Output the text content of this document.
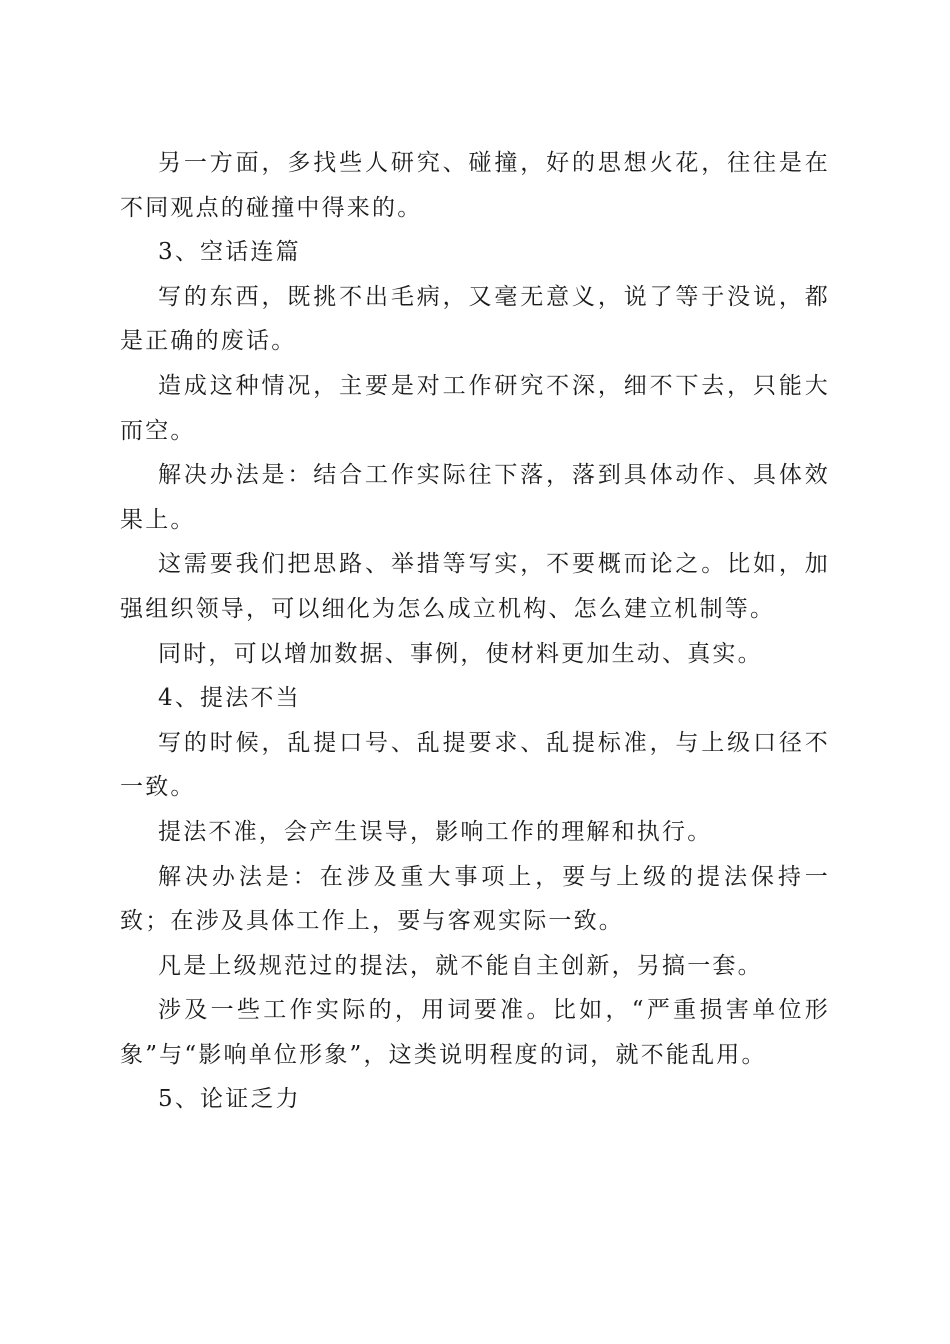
另一方面，多找些人研究、碰撞，好的思想火花，往往是在不同观点的碰撞中得来的。

3、空话连篇

写的东西，既挑不出毛病，又毫无意义，说了等于没说，都是正确的废话。

造成这种情况，主要是对工作研究不深，细不下去，只能大而空。

解决办法是：结合工作实际往下落，落到具体动作、具体效果上。

这需要我们把思路、举措等写实，不要概而论之。比如，加强组织领导，可以细化为怎么成立机构、怎么建立机制等。

同时，可以增加数据、事例，使材料更加生动、真实。

4、提法不当

写的时候，乱提口号、乱提要求、乱提标准，与上级口径不一致。

提法不准，会产生误导，影响工作的理解和执行。

解决办法是：在涉及重大事项上，要与上级的提法保持一致；在涉及具体工作上，要与客观实际一致。

凡是上级规范过的提法，就不能自主创新，另搞一套。

涉及一些工作实际的，用词要准。比如，“严重损害单位形象”与“影响单位形象”，这类说明程度的词，就不能乱用。

5、论证乏力
